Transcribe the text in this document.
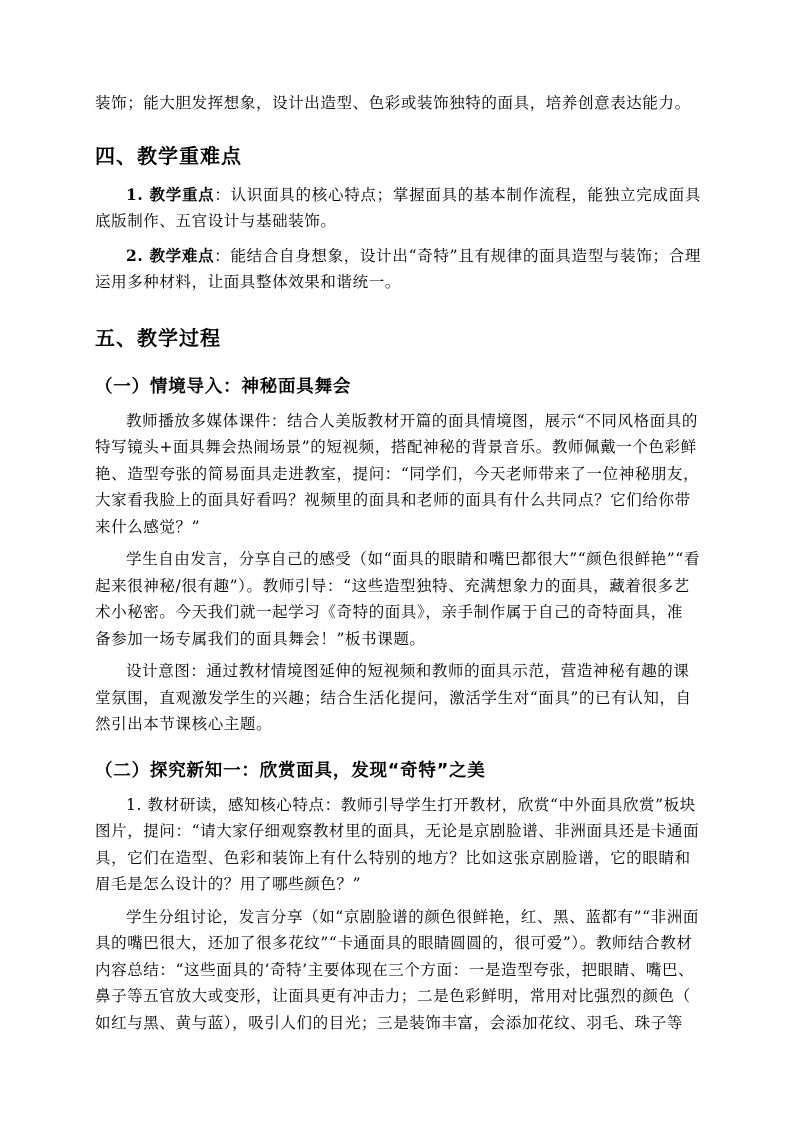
装饰；能大胆发挥想象，设计出造型、色彩或装饰独特的面具，培养创意表达能力。

四、教学重难点

1. 教学重点：认识面具的核心特点；掌握面具的基本制作流程，能独立完成面具底版制作、五官设计与基础装饰。

2. 教学难点：能结合自身想象，设计出“奇特”且有规律的面具造型与装饰；合理运用多种材料，让面具整体效果和谐统一。

五、教学过程
（一）情境导入：神秘面具舞会

教师播放多媒体课件：结合人美版教材开篇的面具情境图，展示“不同风格面具的
特写镜头+面具舞会热闹场景”的短视频，搭配神秘的背景音乐。教师佩戴一个色彩鲜
艳、造型夸张的简易面具走进教室，提问：“同学们，今天老师带来了一位神秘朋友，
大家看我脸上的面具好看吗？视频里的面具和老师的面具有什么共同点？它们给你带
来什么感觉？”

学生自由发言，分享自己的感受（如“面具的眼睛和嘴巴都很大”“颜色很鲜艳”“看
起来很神秘/很有趣”）。教师引导：“这些造型独特、充满想象力的面具，藏着很多艺
术小秘密。今天我们就一起学习《奇特的面具》，亲手制作属于自己的奇特面具，准
备参加一场专属我们的面具舞会！”板书课题。

设计意图：通过教材情境图延伸的短视频和教师的面具示范，营造神秘有趣的课
堂氛围，直观激发学生的兴趣；结合生活化提问，激活学生对“面具”的已有认知，自
然引出本节课核心主题。

（二）探究新知一：欣赏面具，发现“奇特”之美

1. 教材研读，感知核心特点：教师引导学生打开教材，欣赏“中外面具欣赏”板块
图片，提问：“请大家仔细观察教材里的面具，无论是京剧脸谱、非洲面具还是卡通面
具，它们在造型、色彩和装饰上有什么特别的地方？比如这张京剧脸谱，它的眼睛和
眉毛是怎么设计的？用了哪些颜色？”

学生分组讨论，发言分享（如“京剧脸谱的颜色很鲜艳，红、黑、蓝都有”“非洲面
具的嘴巴很大，还加了很多花纹”“卡通面具的眼睛圆圆的，很可爱”）。教师结合教材
内容总结：“这些面具的‘奇特’主要体现在三个方面：一是造型夸张，把眼睛、嘴巴、
鼻子等五官放大或变形，让面具更有冲击力；二是色彩鲜明，常用对比强烈的颜色（
如红与黑、黄与蓝），吸引人们的目光；三是装饰丰富，会添加花纹、羽毛、珠子等
